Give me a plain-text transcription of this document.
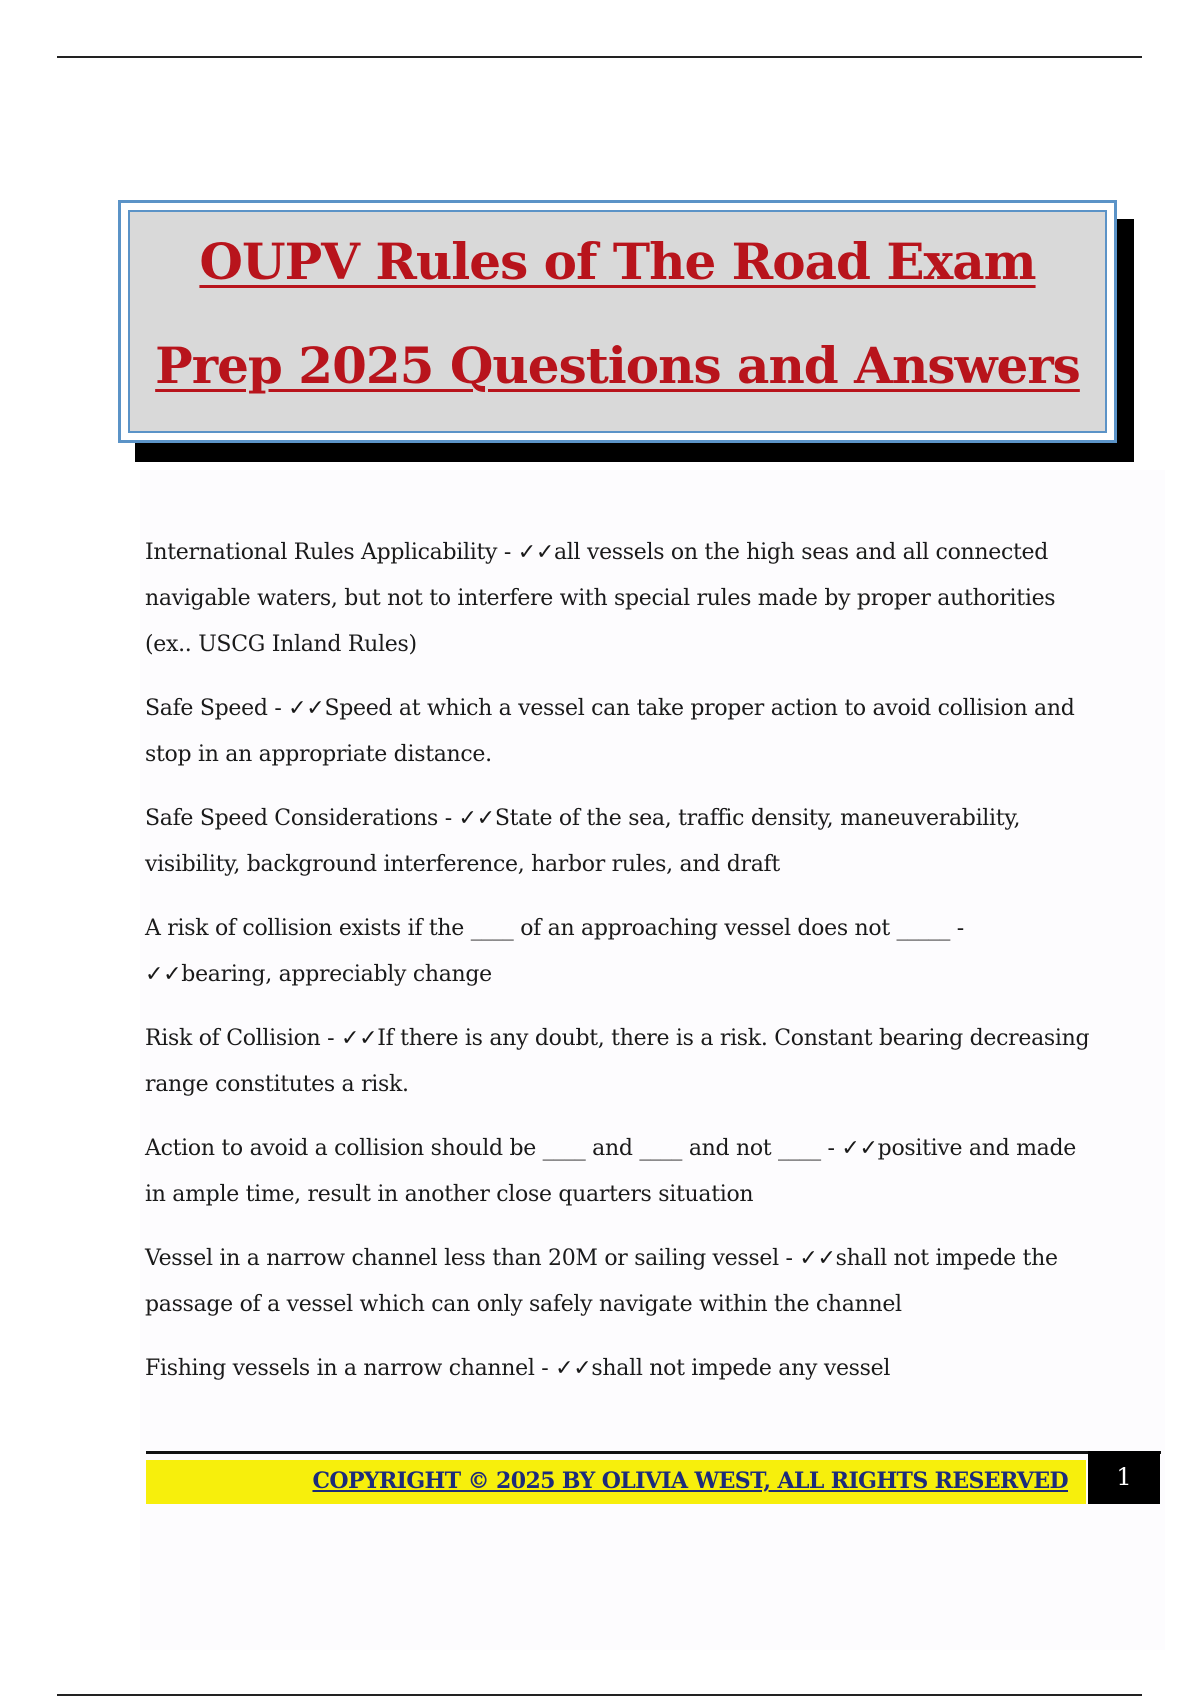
OUPV Rules of The Road Exam
Prep 2025 Questions and Answers

International Rules Applicability - ✓✓all vessels on the high seas and all connected navigable waters, but not to interfere with special rules made by proper authorities (ex.. USCG Inland Rules)

Safe Speed - ✓✓Speed at which a vessel can take proper action to avoid collision and stop in an appropriate distance.

Safe Speed Considerations - ✓✓State of the sea, traffic density, maneuverability, visibility, background interference, harbor rules, and draft

A risk of collision exists if the ____ of an approaching vessel does not _____ - ✓✓bearing, appreciably change

Risk of Collision - ✓✓If there is any doubt, there is a risk. Constant bearing decreasing range constitutes a risk.

Action to avoid a collision should be ____ and ____ and not ____ - ✓✓positive and made in ample time, result in another close quarters situation

Vessel in a narrow channel less than 20M or sailing vessel - ✓✓shall not impede the passage of a vessel which can only safely navigate within the channel

Fishing vessels in a narrow channel - ✓✓shall not impede any vessel

COPYRIGHT © 2025 BY OLIVIA WEST, ALL RIGHTS RESERVED	1
